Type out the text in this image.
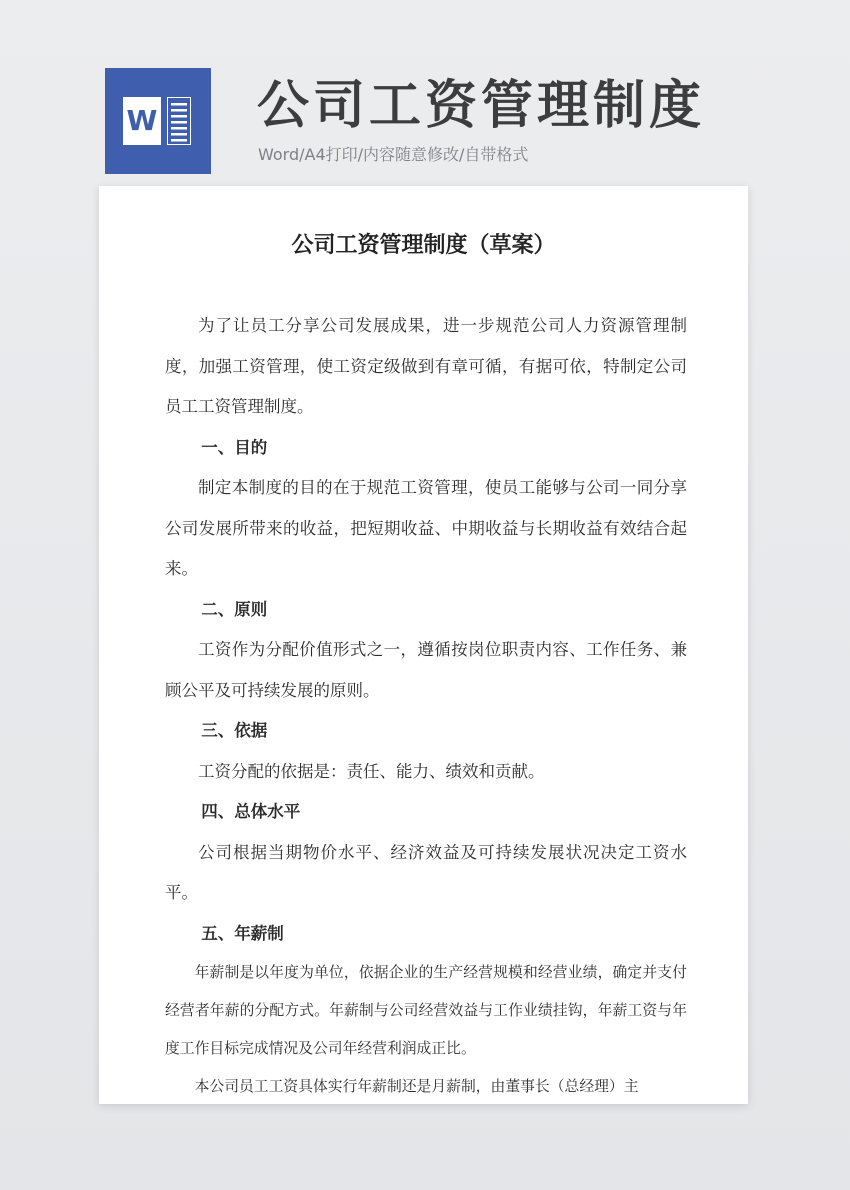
W 公司工资管理制度
Word/A4打印/内容随意修改/自带格式
公司工资管理制度（草案）

为了让员工分享公司发展成果，进一步规范公司人力资源管理制度，加强工资管理，使工资定级做到有章可循，有据可依，特制定公司员工工资管理制度。

一、目的

制定本制度的目的在于规范工资管理，使员工能够与公司一同分享公司发展所带来的收益，把短期收益、中期收益与长期收益有效结合起来。

二、原则

工资作为分配价值形式之一，遵循按岗位职责内容、工作任务、兼顾公平及可持续发展的原则。

三、依据

工资分配的依据是：责任、能力、绩效和贡献。

四、总体水平

公司根据当期物价水平、经济效益及可持续发展状况决定工资水平。

五、年薪制

年薪制是以年度为单位，依据企业的生产经营规模和经营业绩，确定并支付经营者年薪的分配方式。年薪制与公司经营效益与工作业绩挂钩，年薪工资与年度工作目标完成情况及公司年经营利润成正比。

本公司员工工资具体实行年薪制还是月薪制，由董事长（总经理）主
